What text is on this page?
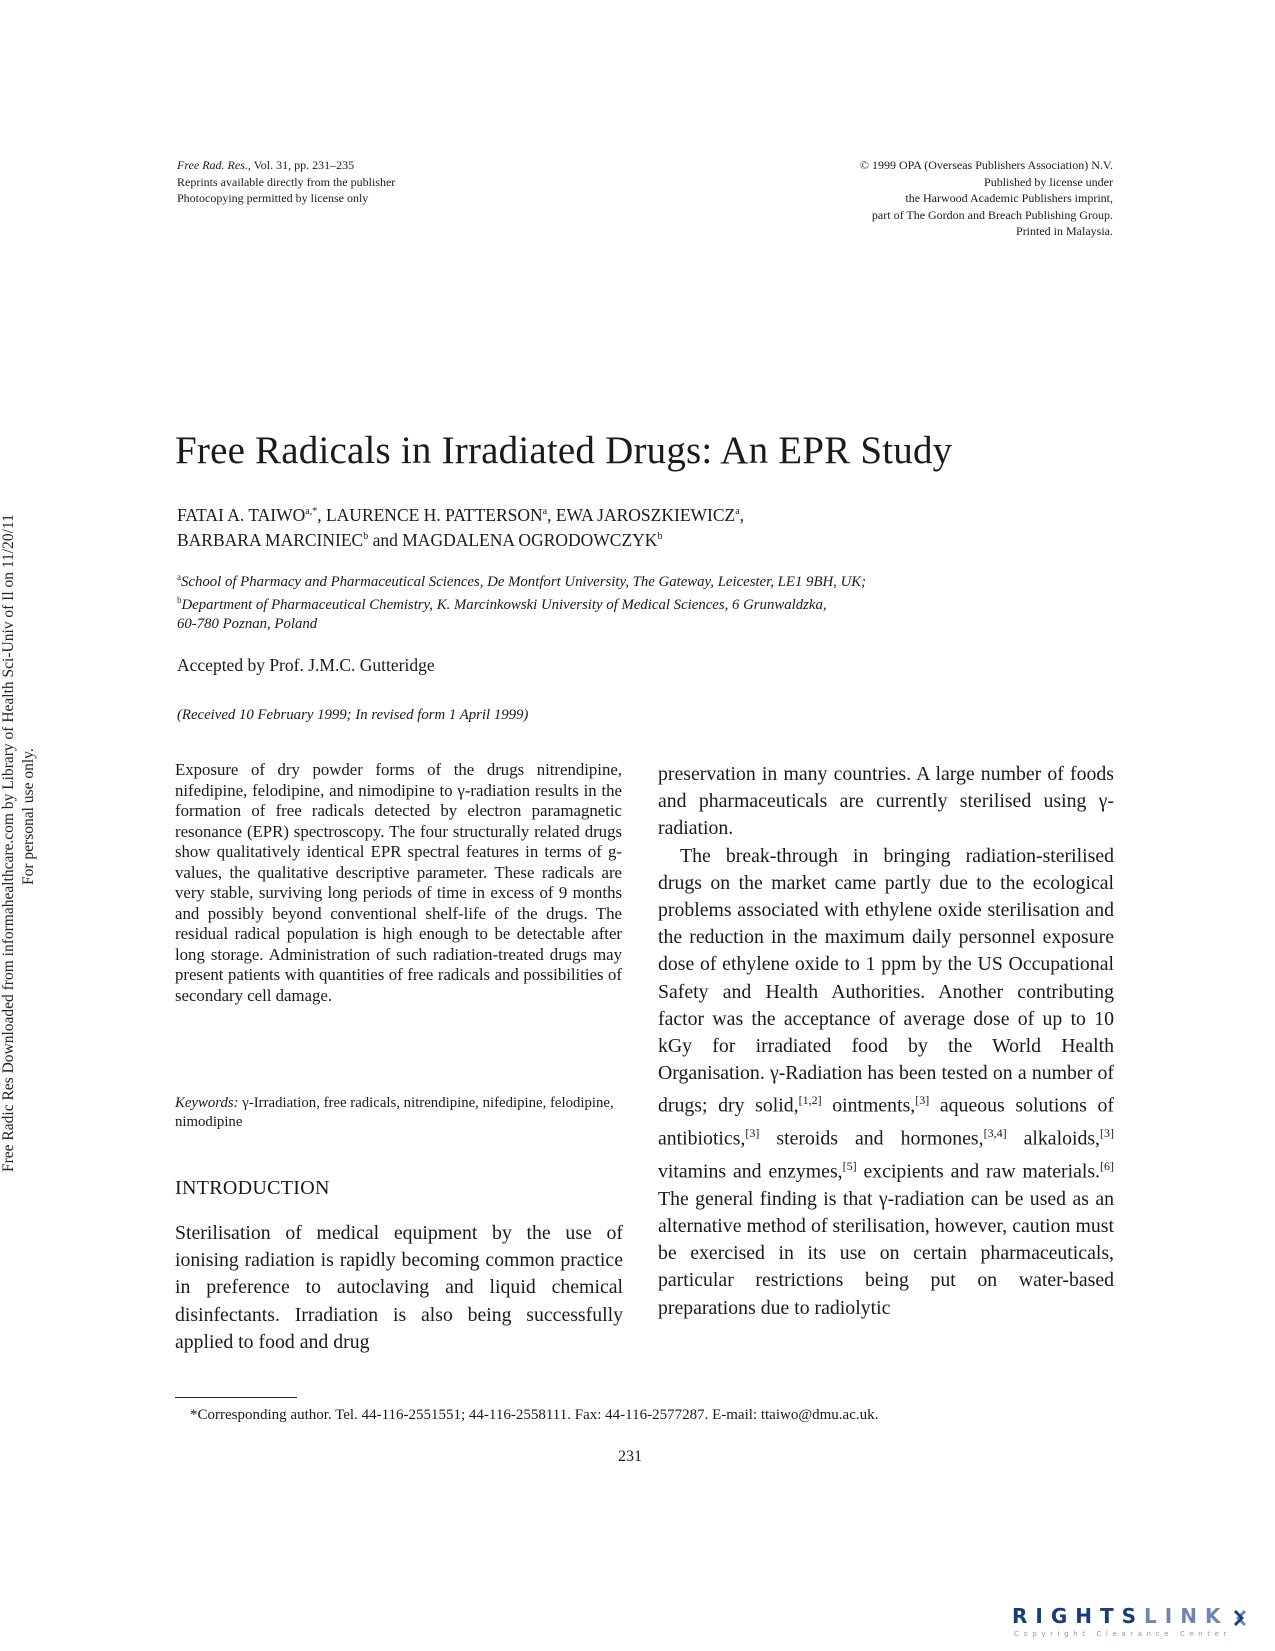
Free Radic Res Downloaded from informahealthcare.com by Library of Health Sci-Univ of Il on 11/20/11 For personal use only.
Free Rad. Res., Vol. 31, pp. 231–235
Reprints available directly from the publisher
Photocopying permitted by license only
© 1999 OPA (Overseas Publishers Association) N.V.
Published by license under
the Harwood Academic Publishers imprint,
part of The Gordon and Breach Publishing Group.
Printed in Malaysia.
Free Radicals in Irradiated Drugs: An EPR Study
FATAI A. $TAIWO^{a,*}$, LAURENCE H. PATTERSON$^a$, EWA JAROSZKIEWICZ$^a$,
BARBARA MARCINIEC$^b$ and MAGDALENA OGRODOWCZYK$^b$
$^a$School of Pharmacy and Pharmaceutical Sciences, De Montfort University, The Gateway, Leicester, LE1 9BH, UK;
$^b$Department of Pharmaceutical Chemistry, K. Marcinkowski University of Medical Sciences, 6 Grunwaldzka,
60-780 Poznan, Poland
Accepted by Prof. J.M.C. Gutteridge
(Received 10 February 1999; In revised form 1 April 1999)
Exposure of dry powder forms of the drugs nitrendipine, nifedipine, felodipine, and nimodipine to γ-radiation results in the formation of free radicals detected by electron paramagnetic resonance (EPR) spectroscopy. The four structurally related drugs show qualitatively identical EPR spectral features in terms of g-values, the qualitative descriptive parameter. These radicals are very stable, surviving long periods of time in excess of 9 months and possibly beyond conventional shelf-life of the drugs. The residual radical population is high enough to be detectable after long storage. Administration of such radiation-treated drugs may present patients with quantities of free radicals and possibilities of secondary cell damage.
Keywords: γ-Irradiation, free radicals, nitrendipine, nifedipine, felodipine, nimodipine
INTRODUCTION
Sterilisation of medical equipment by the use of ionising radiation is rapidly becoming common practice in preference to autoclaving and liquid chemical disinfectants. Irradiation is also being successfully applied to food and drug

preservation in many countries. A large number of foods and pharmaceuticals are currently sterilised using γ-radiation.

The break-through in bringing radiation-sterilised drugs on the market came partly due to the ecological problems associated with ethylene oxide sterilisation and the reduction in the maximum daily personnel exposure dose of ethylene oxide to 1 ppm by the US Occupational Safety and Health Authorities. Another contributing factor was the acceptance of average dose of up to 10 kGy for irradiated food by the World Health Organisation. γ-Radiation has been tested on a number of drugs; dry solid,[1,2] ointments,[3] aqueous solutions of antibiotics,[3] steroids and hormones,[3,4] alkaloids,[3] vitamins and enzymes,[5] excipients and raw materials.[6] The general finding is that γ-radiation can be used as an alternative method of sterilisation, however, caution must be exercised in its use on certain pharmaceuticals, particular restrictions being put on water-based preparations due to radiolytic

*Corresponding author. Tel. 44-116-2551551; 44-116-2558111. Fax: 44-116-2577287. E-mail: ttaiwo@dmu.ac.uk.
231
RIGHTSLINK
Copyright Clearance Center
